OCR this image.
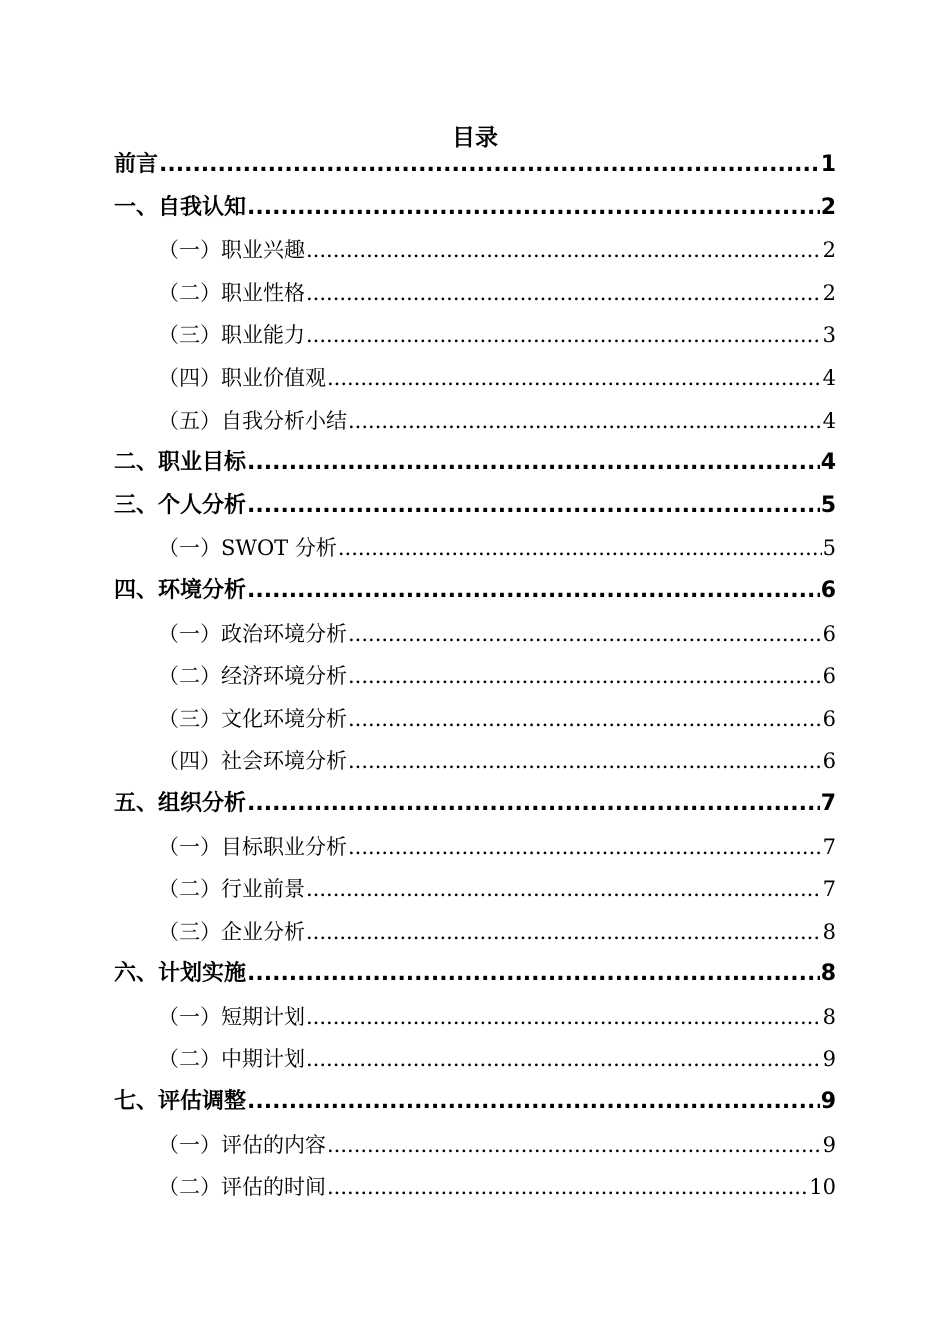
目录
前言 .....	1
一、自我认知 .....	2
（一）职业兴趣 .....	2
（二）职业性格 .....	2
（三）职业能力 .....	3
（四）职业价值观 .....	4
（五）自我分析小结 .....	4
二、职业目标 .....	4
三、个人分析 .....	5
（一）SWOT 分析 .....	5
四、环境分析 .....	6
（一）政治环境分析 .....	6
（二）经济环境分析 .....	6
（三）文化环境分析 .....	6
（四）社会环境分析 .....	6
五、组织分析 .....	7
（一）目标职业分析 .....	7
（二）行业前景 .....	7
（三）企业分析 .....	8
六、计划实施 .....	8
（一）短期计划 .....	8
（二）中期计划 .....	9
七、评估调整 .....	9
（一）评估的内容 .....	9
（二）评估的时间 .....	10
